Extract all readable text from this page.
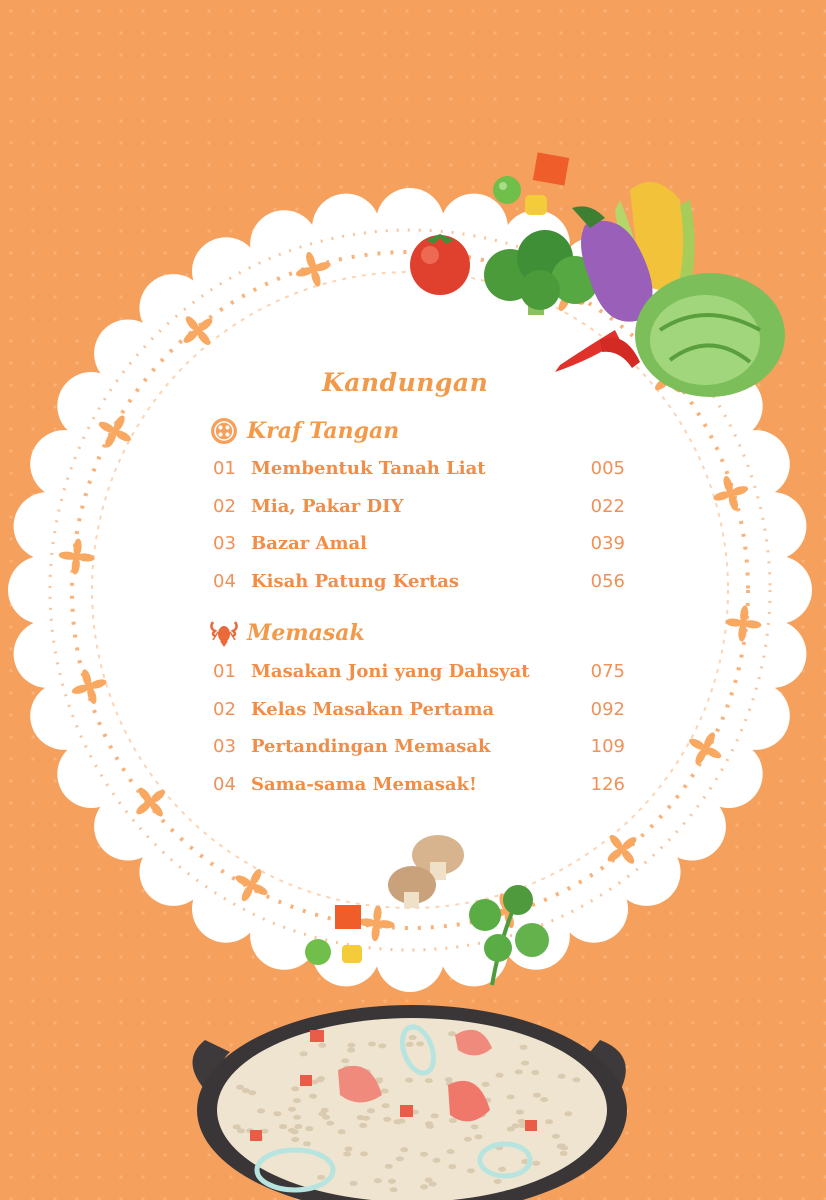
Kandungan
Kraf Tangan
01 Membentuk Tanah Liat	005
02 Mia, Pakar DIY	022
03 Bazar Amal	039
04 Kisah Patung Kertas	056
Memasak
01 Masakan Joni yang Dahsyat	075
02 Kelas Masakan Pertama	092
03 Pertandingan Memasak	109
04 Sama-sama Memasak!	126
